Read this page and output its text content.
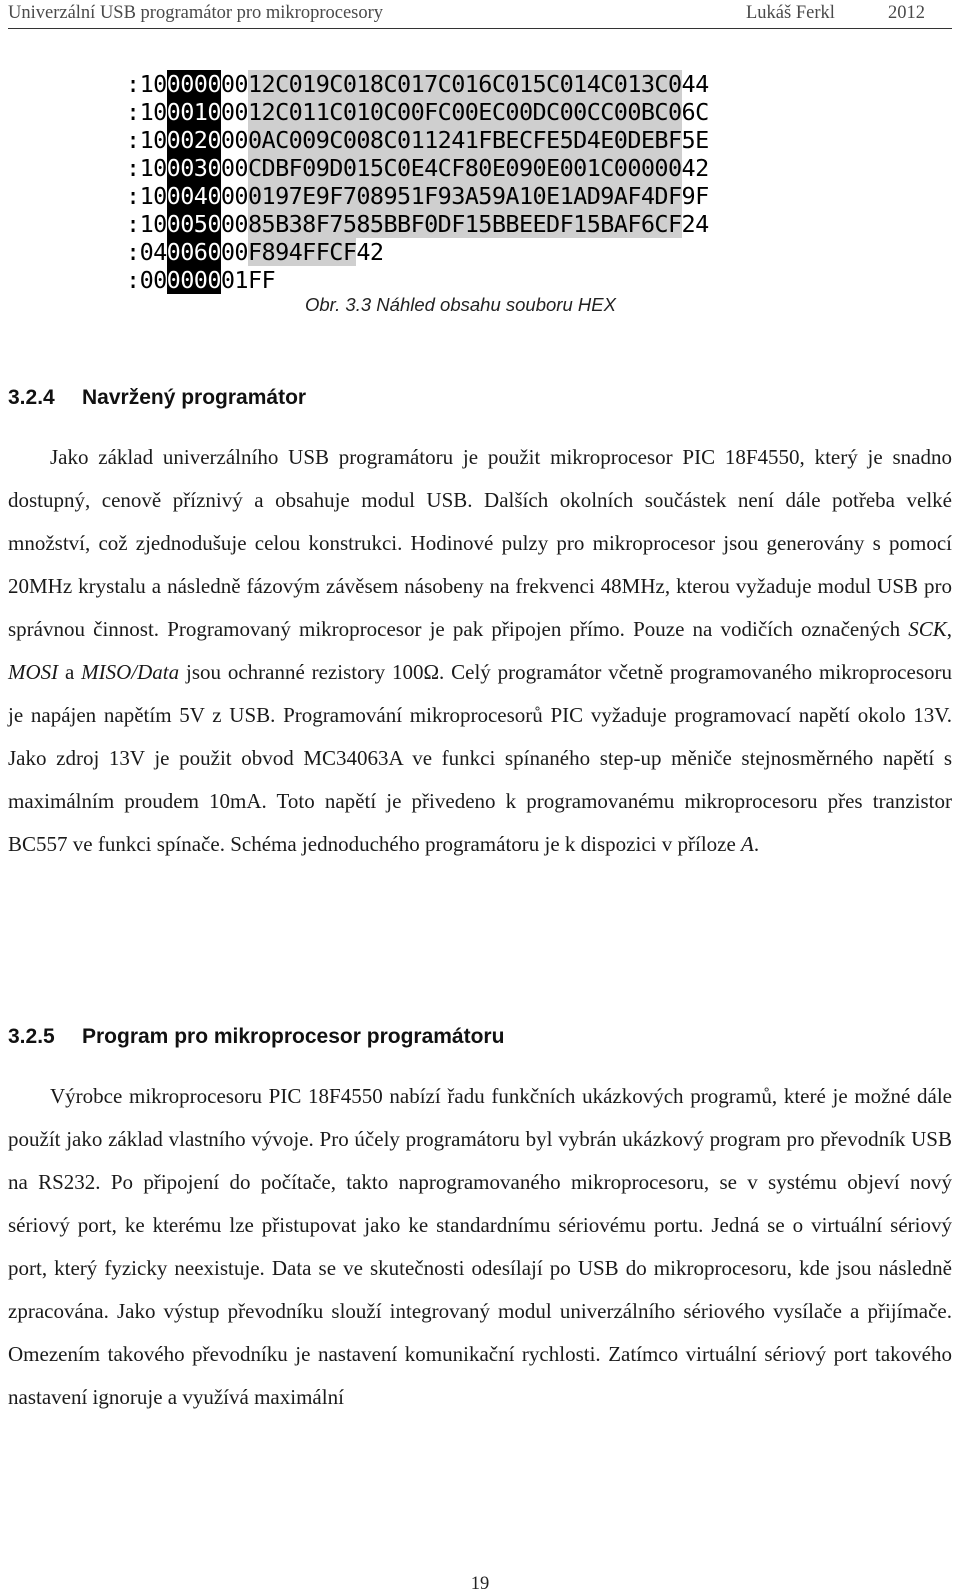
Univerzální USB programátor pro mikroprocesory	Lukáš Ferkl	2012
:1000000012C019C018C017C016C015C014C013C044
:1000100012C011C010C00FC00EC00DC00CC00BC06C
:100020000AC009C008C011241FBECFE5D4E0DEBF5E
:10003000CDBF09D015C0E4CF80E090E001C0000042
:100040000197E9F708951F93A59A10E1AD9AF4DF9F
:1000500085B38F7585BBF0DF15BBEEDF15BAF6CF24
:04006000F894FFCF42
:00000001FF
Obr. 3.3 Náhled obsahu souboru HEX
3.2.4 Navržený programátor

Jako základ univerzálního USB programátoru je použit mikroprocesor PIC 18F4550, který je snadno dostupný, cenově příznivý a obsahuje modul USB. Dalších okolních součástek není dále potřeba velké množství, což zjednodušuje celou konstrukci. Hodinové pulzy pro mikroprocesor jsou generovány s pomocí 20MHz krystalu a následně fázovým závěsem násobeny na frekvenci 48MHz, kterou vyžaduje modul USB pro správnou činnost. Programovaný mikroprocesor je pak připojen přímo. Pouze na vodičích označených SCK, MOSI a MISO/Data jsou ochranné rezistory 100Ω. Celý programátor včetně programovaného mikroprocesoru je napájen napětím 5V z USB. Programování mikroprocesorů PIC vyžaduje programovací napětí okolo 13V. Jako zdroj 13V je použit obvod MC34063A ve funkci spínaného step-up měniče stejnosměrného napětí s maximálním proudem 10mA. Toto napětí je přivedeno k programovanému mikroprocesoru přes tranzistor BC557 ve funkci spínače. Schéma jednoduchého programátoru je k dispozici v příloze A.

3.2.5 Program pro mikroprocesor programátoru

Výrobce mikroprocesoru PIC 18F4550 nabízí řadu funkčních ukázkových programů, které je možné dále použít jako základ vlastního vývoje. Pro účely programátoru byl vybrán ukázkový program pro převodník USB na RS232. Po připojení do počítače, takto naprogramovaného mikroprocesoru, se v systému objeví nový sériový port, ke kterému lze přistupovat jako ke standardnímu sériovému portu. Jedná se o virtuální sériový port, který fyzicky neexistuje. Data se ve skutečnosti odesílají po USB do mikroprocesoru, kde jsou následně zpracována. Jako výstup převodníku slouží integrovaný modul univerzálního sériového vysílače a přijímače. Omezením takového převodníku je nastavení komunikační rychlosti. Zatímco virtuální sériový port takového nastavení ignoruje a využívá maximální

19
